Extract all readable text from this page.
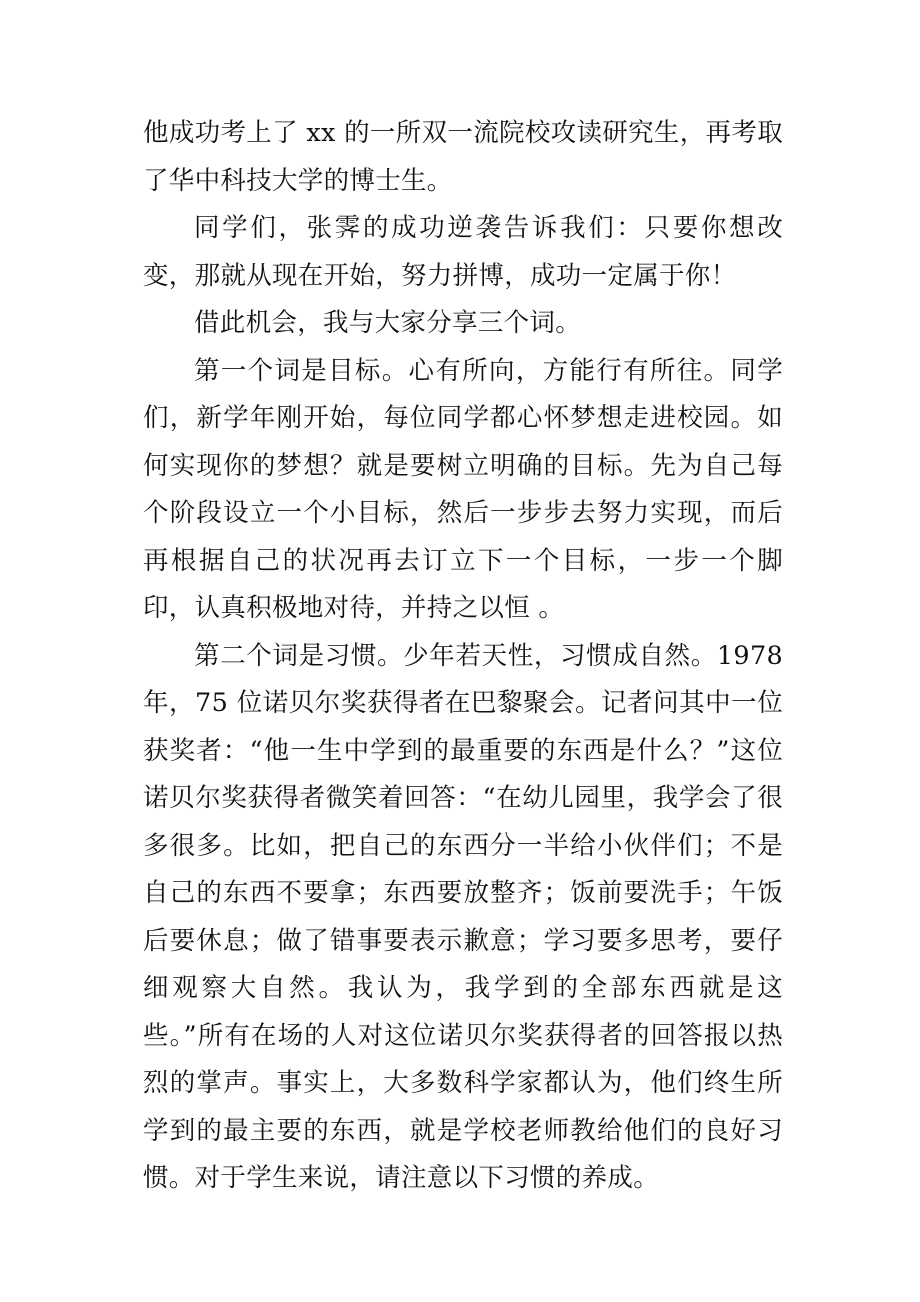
他成功考上了 xx 的一所双一流院校攻读研究生，再考取了华中科技大学的博士生。

同学们，张霁的成功逆袭告诉我们：只要你想改变，那就从现在开始，努力拼博，成功一定属于你！

借此机会，我与大家分享三个词。

第一个词是目标。心有所向，方能行有所往。同学们，新学年刚开始，每位同学都心怀梦想走进校园。如何实现你的梦想？就是要树立明确的目标。先为自己每个阶段设立一个小目标，然后一步步去努力实现，而后再根据自己的状况再去订立下一个目标，一步一个脚印，认真积极地对待，并持之以恒 。

第二个词是习惯。少年若天性，习惯成自然。1978 年，75 位诺贝尔奖获得者在巴黎聚会。记者问其中一位获奖者：“他一生中学到的最重要的东西是什么？”这位诺贝尔奖获得者微笑着回答：“在幼儿园里，我学会了很多很多。比如，把自己的东西分一半给小伙伴们；不是自己的东西不要拿；东西要放整齐；饭前要洗手；午饭后要休息；做了错事要表示歉意；学习要多思考，要仔细观察大自然。我认为，我学到的全部东西就是这些。”所有在场的人对这位诺贝尔奖获得者的回答报以热烈的掌声。事实上，大多数科学家都认为，他们终生所学到的最主要的东西，就是学校老师教给他们的良好习惯。对于学生来说，请注意以下习惯的养成。
